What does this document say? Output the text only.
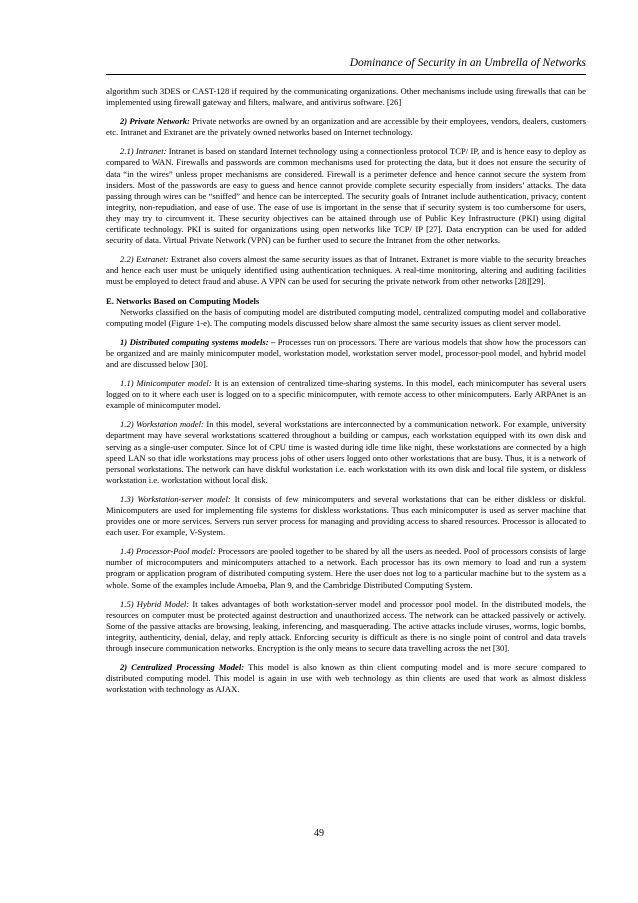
Dominance of Security in an Umbrella of Networks

algorithm such 3DES or CAST-128 if required by the communicating organizations. Other mechanisms include using firewalls that can be implemented using firewall gateway and filters, malware, and antivirus software. [26]

2) Private Network: Private networks are owned by an organization and are accessible by their employees, vendors, dealers, customers etc. Intranet and Extranet are the privately owned networks based on Internet technology.

2.1) Intranet: Intranet is based on standard Internet technology using a connectionless protocol TCP/ IP, and is hence easy to deploy as compared to WAN. Firewalls and passwords are common mechanisms used for protecting the data, but it does not ensure the security of data “in the wires” unless proper mechanisms are considered. Firewall is a perimeter defence and hence cannot secure the system from insiders. Most of the passwords are easy to guess and hence cannot provide complete security especially from insiders’ attacks. The data passing through wires can be “sniffed” and hence can be intercepted. The security goals of Intranet include authentication, privacy, content integrity, non-repudiation, and ease of use. The ease of use is important in the sense that if security system is too cumbersome for users, they may try to circumvent it. These security objectives can be attained through use of Public Key Infrastructure (PKI) using digital certificate technology. PKI is suited for organizations using open networks like TCP/ IP [27]. Data encryption can be used for added security of data. Virtual Private Network (VPN) can be further used to secure the Intranet from the other networks.

2.2) Extranet: Extranet also covers almost the same security issues as that of Intranet. Extranet is more viable to the security breaches and hence each user must be uniquely identified using authentication techniques. A real-time monitoring, altering and auditing facilities must be employed to detect fraud and abuse. A VPN can be used for securing the private network from other networks [28][29].

E. Networks Based on Computing Models

Networks classified on the basis of computing model are distributed computing model, centralized computing model and collaborative computing model (Figure 1-e). The computing models discussed below share almost the same security issues as client server model.

1) Distributed computing systems models: – Processes run on processors. There are various models that show how the processors can be organized and are mainly minicomputer model, workstation model, workstation server model, processor-pool model, and hybrid model and are discussed below [30].

1.1) Minicomputer model: It is an extension of centralized time-sharing systems. In this model, each minicomputer has several users logged on to it where each user is logged on to a specific minicomputer, with remote access to other minicomputers. Early ARPAnet is an example of minicomputer model.

1.2) Workstation model: In this model, several workstations are interconnected by a communication network. For example, university department may have several workstations scattered throughout a building or campus, each workstation equipped with its own disk and serving as a single-user computer. Since lot of CPU time is wasted during idle time like night, these workstations are connected by a high speed LAN so that idle workstations may process jobs of other users logged onto other workstations that are busy. Thus, it is a network of personal workstations. The network can have diskful workstation i.e. each workstation with its own disk and local file system, or diskless workstation i.e. workstation without local disk.

1.3) Workstation-server model: It consists of few minicomputers and several workstations that can be either diskless or diskful. Minicomputers are used for implementing file systems for diskless workstations. Thus each minicomputer is used as server machine that provides one or more services. Servers run server process for managing and providing access to shared resources. Processor is allocated to each user. For example, V-System.

1.4) Processor-Pool model: Processors are pooled together to be shared by all the users as needed. Pool of processors consists of large number of microcomputers and minicomputers attached to a network. Each processor has its own memory to load and run a system program or application program of distributed computing system. Here the user does not log to a particular machine but to the system as a whole. Some of the examples include Amoeba, Plan 9, and the Cambridge Distributed Computing System.

1.5) Hybrid Model: It takes advantages of both workstation-server model and processor pool model. In the distributed models, the resources on computer must be protected against destruction and unauthorized access. The network can be attacked passively or actively. Some of the passive attacks are browsing, leaking, inferencing, and masquerading. The active attacks include viruses, worms, logic bombs, integrity, authenticity, denial, delay, and reply attack. Enforcing security is difficult as there is no single point of control and data travels through insecure communication networks. Encryption is the only means to secure data travelling across the net [30].

2) Centralized Processing Model: This model is also known as thin client computing model and is more secure compared to distributed computing model. This model is again in use with web technology as thin clients are used that work as almost diskless workstation with technology as AJAX.

49
